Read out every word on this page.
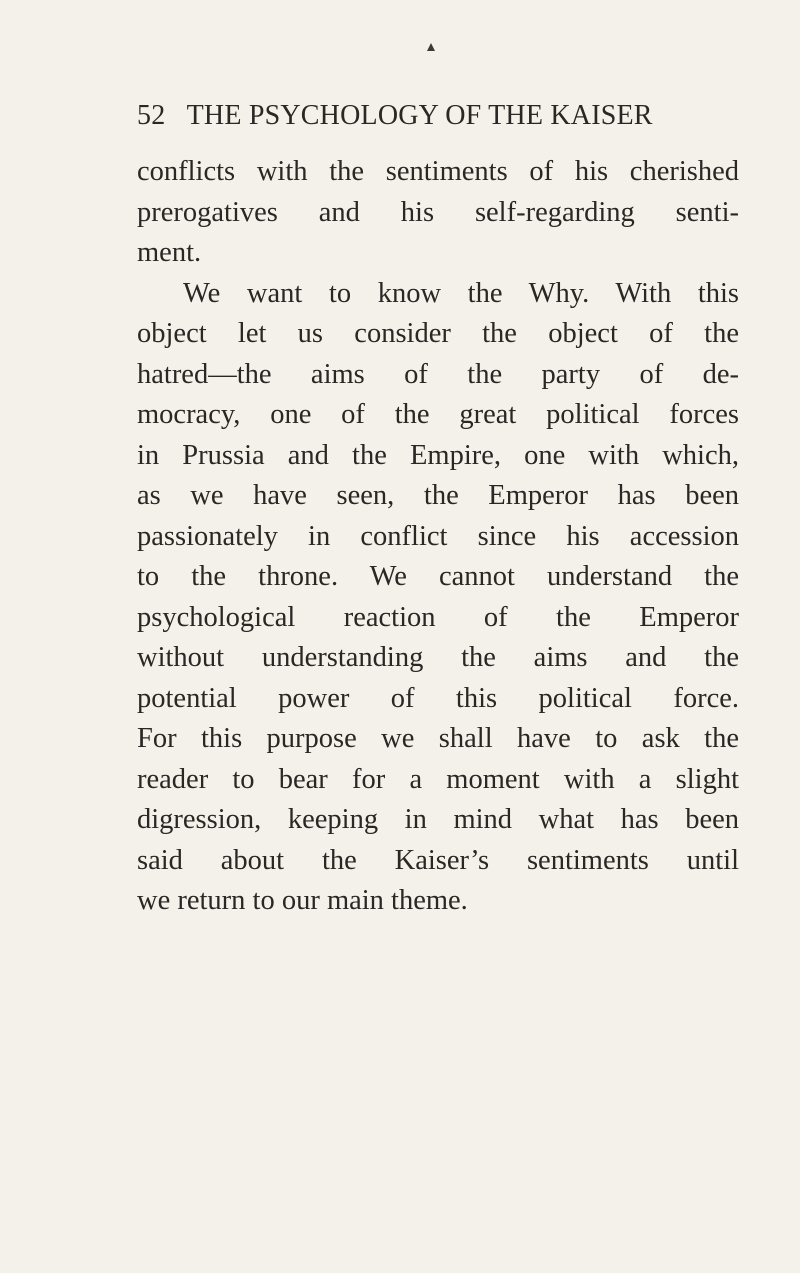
52 THE PSYCHOLOGY OF THE KAISER
conflicts with the sentiments of his cherished
prerogatives and his self-regarding senti-
ment.
We want to know the Why. With this
object let us consider the object of the
hatred—the aims of the party of de-
mocracy, one of the great political forces
in Prussia and the Empire, one with which,
as we have seen, the Emperor has been
passionately in conflict since his accession
to the throne. We cannot understand the
psychological reaction of the Emperor
without understanding the aims and the
potential power of this political force.
For this purpose we shall have to ask the
reader to bear for a moment with a slight
digression, keeping in mind what has been
said about the Kaiser’s sentiments until
we return to our main theme.
